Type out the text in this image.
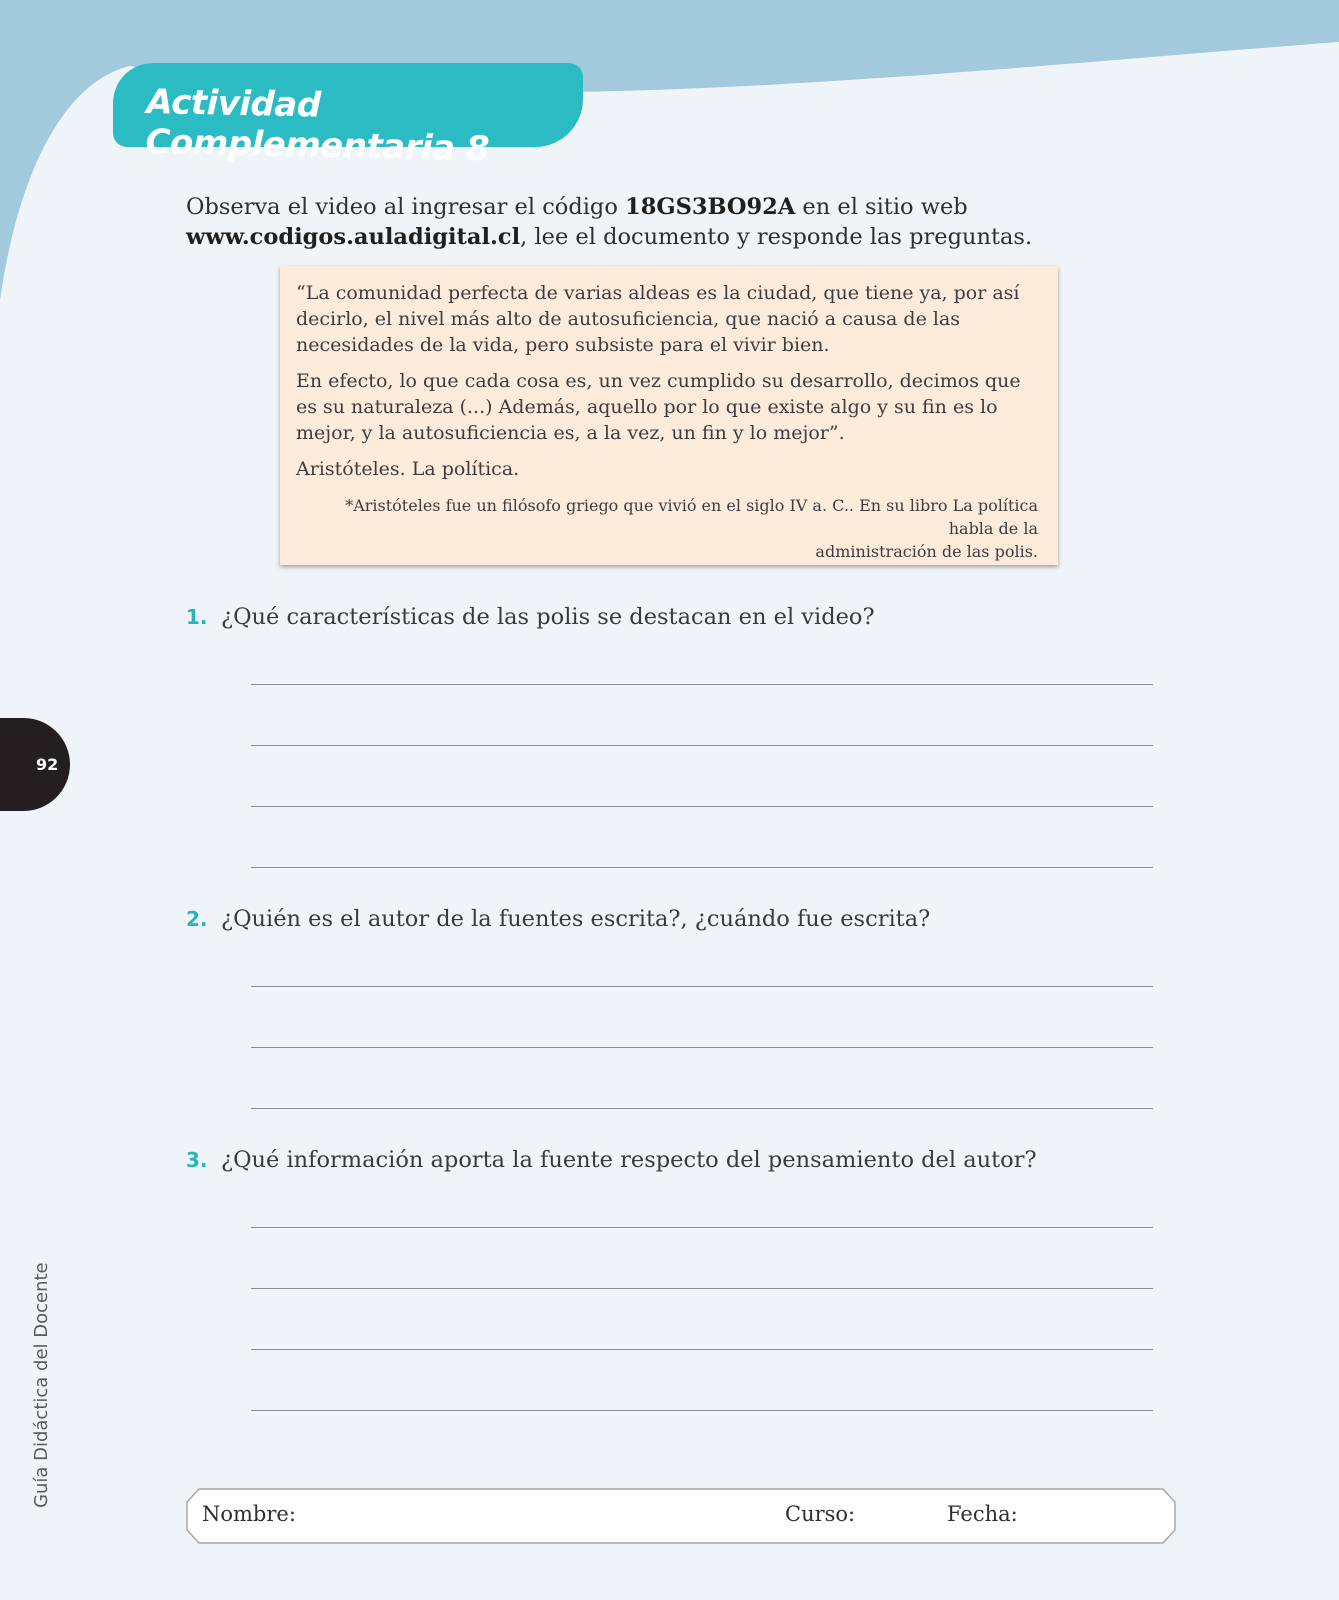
Actividad Complementaria 8
Observa el video al ingresar el código 18GS3BO92A en el sitio web
www.codigos.auladigital.cl, lee el documento y responde las preguntas.

“La comunidad perfecta de varias aldeas es la ciudad, que tiene ya, por así decirlo, el nivel más alto de autosuficiencia, que nació a causa de las necesidades de la vida, pero subsiste para el vivir bien.

En efecto, lo que cada cosa es, un vez cumplido su desarrollo, decimos que es su naturaleza (...) Además, aquello por lo que existe algo y su fin es lo mejor, y la autosuficiencia es, a la vez, un fin y lo mejor”.

Aristóteles. La política.

*Aristóteles fue un filósofo griego que vivió en el siglo IV a. C.. En su libro La política habla de la
administración de las polis.

1. ¿Qué características de las polis se destacan en el video?
2. ¿Quién es el autor de la fuentes escrita?, ¿cuándo fue escrita?
3. ¿Qué información aporta la fuente respecto del pensamiento del autor?
92
Guía Didáctica del Docente
Nombre:	Curso:	Fecha:
